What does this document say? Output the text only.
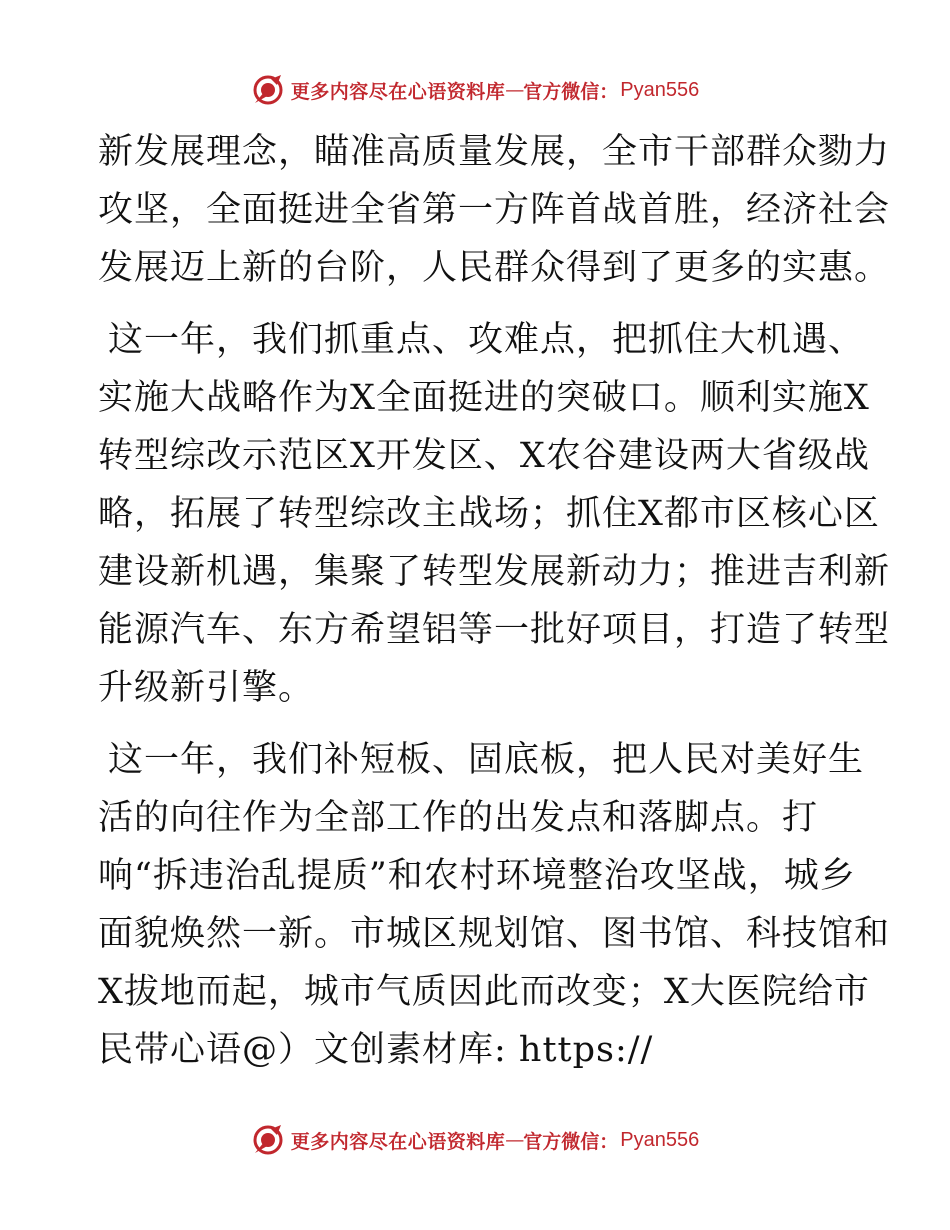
更多内容尽在心语资料库 — 官方微信： Pyan556
新发展理念，瞄准高质量发展，全市干部群众勠力
攻坚，全面挺进全省第一方阵首战首胜，经济社会
发展迈上新的台阶，人民群众得到了更多的实惠。
这一年，我们抓重点、攻难点，把抓住大机遇、
实施大战略作为X全面挺进的突破口。顺利实施X
转型综改示范区X开发区、X农谷建设两大省级战
略，拓展了转型综改主战场；抓住X都市区核心区
建设新机遇，集聚了转型发展新动力；推进吉利新
能源汽车、东方希望铝等一批好项目，打造了转型
升级新引擎。
这一年，我们补短板、固底板，把人民对美好生
活的向往作为全部工作的出发点和落脚点。打
响“拆违治乱提质”和农村环境整治攻坚战，城乡
面貌焕然一新。市城区规划馆、图书馆、科技馆和
X拔地而起，城市气质因此而改变；X大医院给市
民带心语@）文创素材库: https://
更多内容尽在心语资料库 — 官方微信： Pyan556
